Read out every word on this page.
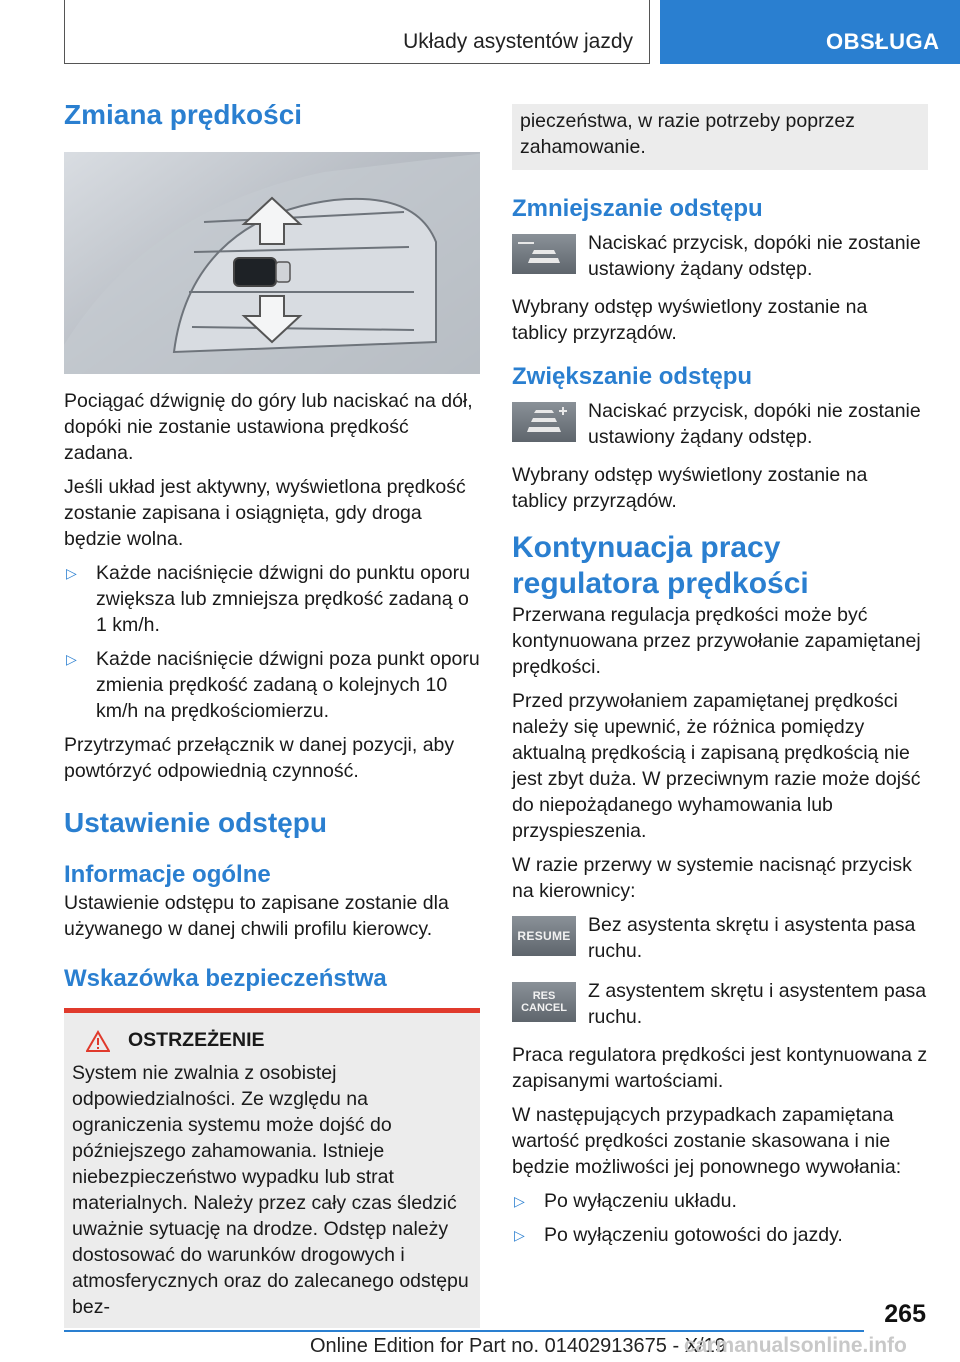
Układy asystentów jazdy	OBSŁUGA
Zmiana prędkości

Pociągać dźwignię do góry lub naciskać na dół, dopóki nie zostanie ustawiona prędkość zadana.

Jeśli układ jest aktywny, wyświetlona prędkość zostanie zapisana i osiągnięta, gdy droga będzie wolna.

▷ Każde naciśnięcie dźwigni do punktu oporu zwiększa lub zmniejsza prędkość zadaną o 1 km/h.
▷ Każde naciśnięcie dźwigni poza punkt oporu zmienia prędkość zadaną o kolejnych 10 km/h na prędkościomierzu.

Przytrzymać przełącznik w danej pozycji, aby powtórzyć odpowiednią czynność.

Ustawienie odstępu
Informacje ogólne

Ustawienie odstępu to zapisane zostanie dla używanego w danej chwili profilu kierowcy.

Wskazówka bezpieczeństwa
OSTRZEŻENIE
System nie zwalnia z osobistej odpowiedzialności. Ze względu na ograniczenia systemu może dojść do późniejszego zahamowania. Istnieje niebezpieczeństwo wypadku lub strat materialnych. Należy przez cały czas śledzić uważnie sytuację na drodze. Odstęp należy dostosować do warunków drogowych i atmosferycznych oraz do zalecanego odstępu bez-
pieczeństwa, w razie potrzeby poprzez zahamowanie.
Zmniejszanie odstępu
Naciskać przycisk, dopóki nie zostanie ustawiony żądany odstęp.

Wybrany odstęp wyświetlony zostanie na tablicy przyrządów.

Zwiększanie odstępu
Naciskać przycisk, dopóki nie zostanie ustawiony żądany odstęp.

Wybrany odstęp wyświetlony zostanie na tablicy przyrządów.

Kontynuacja pracy regulatora prędkości

Przerwana regulacja prędkości może być kontynuowana przez przywołanie zapamiętanej prędkości.

Przed przywołaniem zapamiętanej prędkości należy się upewnić, że różnica pomiędzy aktualną prędkością i zapisaną prędkością nie jest zbyt duża. W przeciwnym razie może dojść do niepożądanego wyhamowania lub przyspieszenia.

W razie przerwy w systemie nacisnąć przycisk na kierownicy:

RESUME Bez asystenta skrętu i asystenta pasa ruchu.
RES
CANCEL
Z asystentem skrętu i asystentem pasa ruchu.

Praca regulatora prędkości jest kontynuowana z zapisanymi wartościami.

W następujących przypadkach zapamiętana wartość prędkości zostanie skasowana i nie będzie możliwości jej ponownego wywołania:

▷ Po wyłączeniu układu.
▷ Po wyłączeniu gotowości do jazdy.
265
Online Edition for Part no. 01402913675 - X/19
carmanualsonline.info
